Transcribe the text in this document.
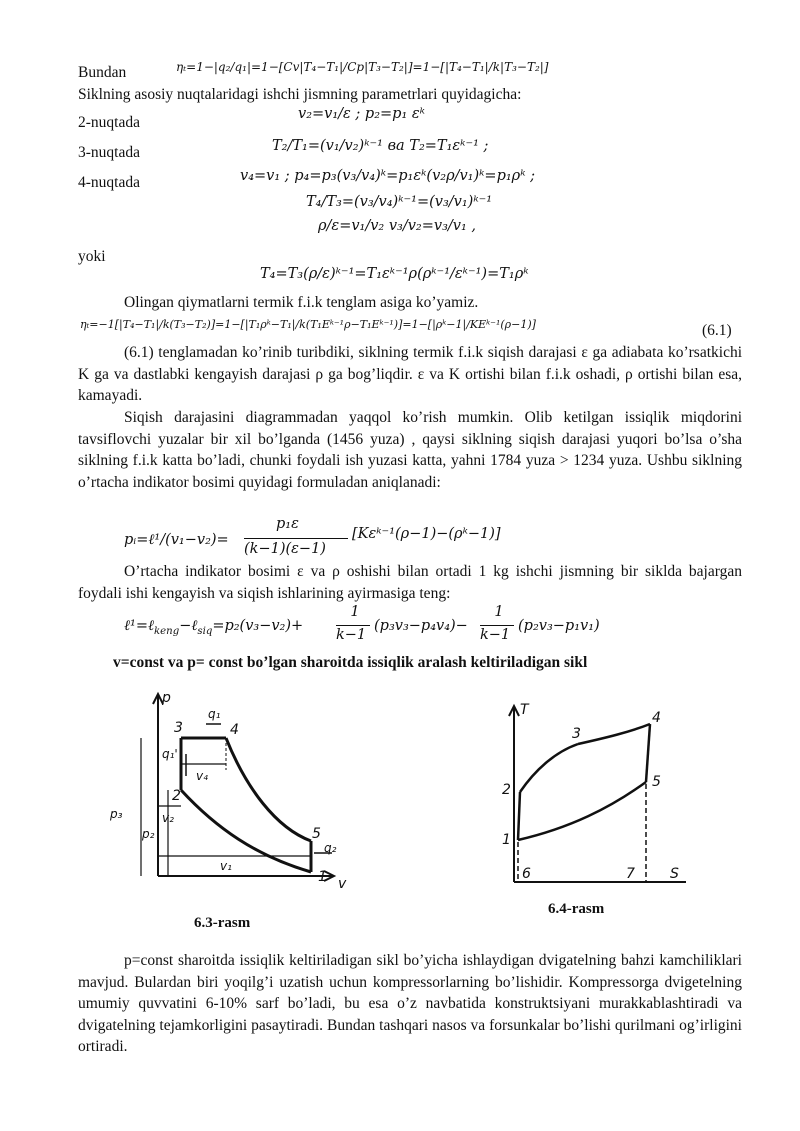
Bundan	ηₜ=1−|q₂/q₁|=1−[Cv|T₄−T₁|/Cp|T₃−T₂|]=1−[|T₄−T₁|/k|T₃−T₂|]
Siklning asosiy nuqtalaridagi ishchi jismning parametrlari quyidagicha:
2-nuqtada	v₂=v₁/ε ; p₂=p₁ εᵏ
3-nuqtada	T₂/T₁=(v₁/v₂)ᵏ⁻¹ ва T₂=T₁εᵏ⁻¹ ;
4-nuqtada	v₄=v₁ ; p₄=p₃(v₃/v₄)ᵏ=p₁εᵏ(v₂ρ/v₁)ᵏ=p₁ρᵏ ;
T₄/T₃=(v₃/v₄)ᵏ⁻¹=(v₃/v₁)ᵏ⁻¹
ρ/ε=v₁/v₂ v₃/v₂=v₃/v₁ ,
yoki
T₄=T₃(ρ/ε)ᵏ⁻¹=T₁εᵏ⁻¹ρ(ρᵏ⁻¹/εᵏ⁻¹)=T₁ρᵏ
Olingan qiymatlarni termik f.i.k tenglam asiga ko’yamiz.
ηₜ=−1[|T₄−T₁|/k(T₃−T₂)]=1−[|T₁ρᵏ−T₁|/k(T₁Eᵏ⁻¹ρ−T₁Eᵏ⁻¹)]=1−[|ρᵏ−1|/KEᵏ⁻¹(ρ−1)]	(6.1)
(6.1) tenglamadan ko’rinib turibdiki, siklning termik f.i.k siqish darajasi ε ga adiabata ko’rsatkichi K ga va dastlabki kengayish darajasi ρ ga bog’liqdir. ε va K ortishi bilan f.i.k oshadi, ρ ortishi bilan esa, kamayadi.
Siqish darajasini diagrammadan yaqqol ko’rish mumkin. Olib ketilgan issiqlik miqdorini tavsiflovchi yuzalar bir xil bo’lganda (1456 yuza) , qaysi siklning siqish darajasi yuqori bo’lsa o’sha siklning f.i.k katta bo’ladi, chunki foydali ish yuzasi katta, yahni 1784 yuza > 1234 yuza. Ushbu siklning o’rtacha indikator bosimi quyidagi formuladan aniqlanadi:
pᵢ=ℓ¹/(v₁−v₂)=
p₁ε
(k−1)(ε−1)
[Kεᵏ⁻¹(ρ−1)−(ρᵏ−1)]
O’rtacha indikator bosimi ε va ρ oshishi bilan ortadi 1 kg ishchi jismning bir siklda bajargan foydali ishi kengayish va siqish ishlarining ayirmasiga teng:
ℓ¹=ℓ$_{keng}$−ℓ$_{siq}$=p₂(v₃−v₂)+
1
k−1
(p₃v₃−p₄v₄)−
1
k−1
(p₂v₃−p₁v₁)
v=const va p= const bo’lgan sharoitda issiqlik aralash keltiriladigan sikl
p
v
1
2
3	4
5
q₁
q₁'
q₂
v₄
v₂
v₁
p₃
p₂
6.3-rasm
T
S
1
2
3
4
5
6	7
6.4-rasm
p=const sharoitda issiqlik keltiriladigan sikl bo’yicha ishlaydigan dvigatelning bahzi kamchiliklari mavjud. Bulardan biri yoqilg’i uzatish uchun kompressorlarning bo’lishidir. Kompressorga dvigetelning umumiy quvvatini 6-10% sarf bo’ladi, bu esa o’z navbatida konstruktsiyani murakkablashtiradi va dvigatelning tejamkorligini pasaytiradi. Bundan tashqari nasos va forsunkalar bo’lishi qurilmani og’irligini ortiradi.
